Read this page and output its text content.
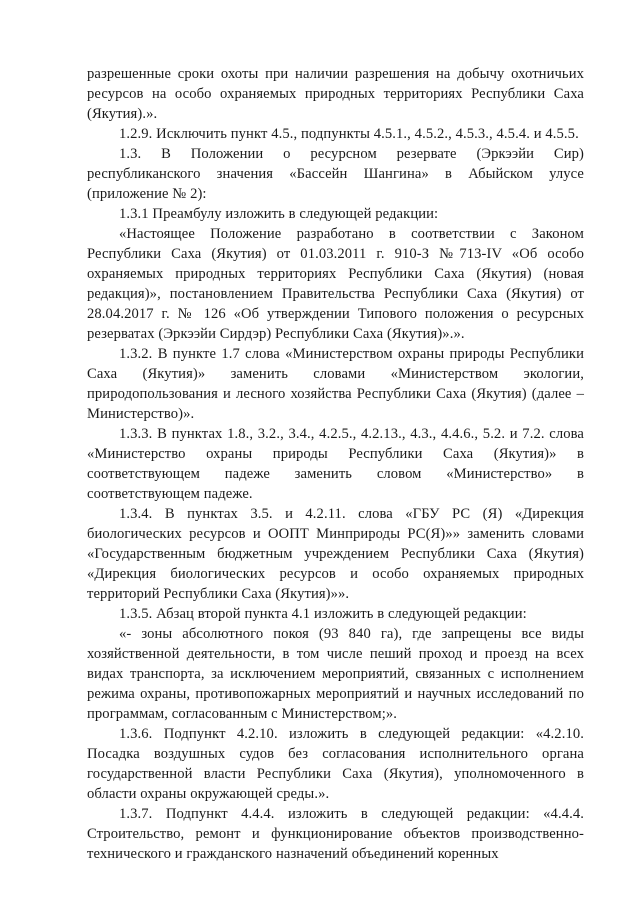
разрешенные сроки охоты при наличии разрешения на добычу охотничьих ресурсов на особо охраняемых природных территориях Республики Саха (Якутия).».

1.2.9. Исключить пункт 4.5., подпункты 4.5.1., 4.5.2., 4.5.3., 4.5.4. и 4.5.5.

1.3. В Положении о ресурсном резервате (Эркээйи Сир) республиканского значения «Бассейн Шангина» в Абыйском улусе (приложение № 2):

1.3.1 Преамбулу изложить в следующей редакции:

«Настоящее Положение разработано в соответствии с Законом Республики Саха (Якутия) от 01.03.2011 г. 910-З №713-IV «Об особо охраняемых природных территориях Республики Саха (Якутия) (новая редакция)», постановлением Правительства Республики Саха (Якутия) от 28.04.2017 г. № 126 «Об утверждении Типового положения о ресурсных резерватах (Эркээйи Сирдэр) Республики Саха (Якутия)».».

1.3.2. В пункте 1.7 слова «Министерством охраны природы Республики Саха (Якутия)» заменить словами «Министерством экологии, природопользования и лесного хозяйства Республики Саха (Якутия) (далее – Министерство)».

1.3.3. В пунктах 1.8., 3.2., 3.4., 4.2.5., 4.2.13., 4.3., 4.4.6., 5.2. и 7.2. слова «Министерство охраны природы Республики Саха (Якутия)» в соответствующем падеже заменить словом «Министерство» в соответствующем падеже.

1.3.4. В пунктах 3.5. и 4.2.11. слова «ГБУ РС (Я) «Дирекция биологических ресурсов и ООПТ Минприроды РС(Я)»» заменить словами «Государственным бюджетным учреждением Республики Саха (Якутия) «Дирекция биологических ресурсов и особо охраняемых природных территорий Республики Саха (Якутия)»».

1.3.5. Абзац второй пункта 4.1 изложить в следующей редакции:

«- зоны абсолютного покоя (93 840 га), где запрещены все виды хозяйственной деятельности, в том числе пеший проход и проезд на всех видах транспорта, за исключением мероприятий, связанных с исполнением режима охраны, противопожарных мероприятий и научных исследований по программам, согласованным с Министерством;».

1.3.6. Подпункт 4.2.10. изложить в следующей редакции: «4.2.10. Посадка воздушных судов без согласования исполнительного органа государственной власти Республики Саха (Якутия), уполномоченного в области охраны окружающей среды.».

1.3.7. Подпункт 4.4.4. изложить в следующей редакции: «4.4.4. Строительство, ремонт и функционирование объектов производственно-технического и гражданского назначений объединений коренных
